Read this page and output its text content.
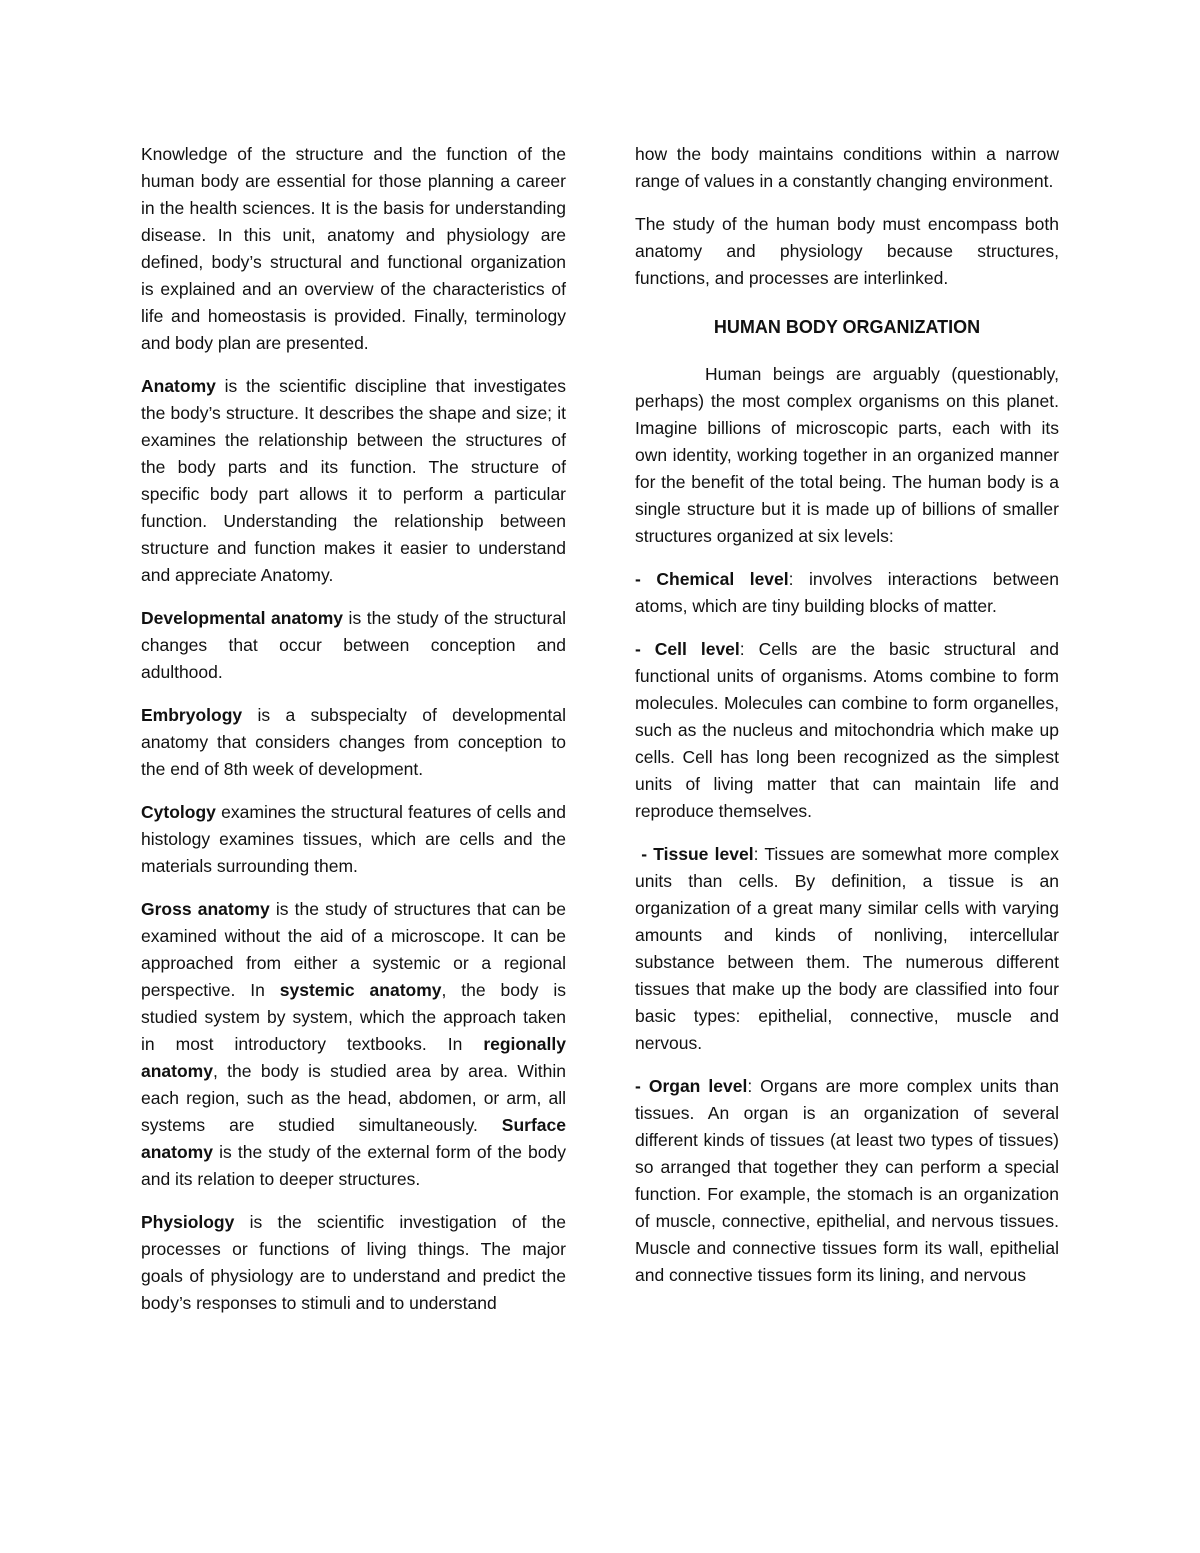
Knowledge of the structure and the function of the human body are essential for those planning a career in the health sciences. It is the basis for understanding disease. In this unit, anatomy and physiology are defined, body’s structural and functional organization is explained and an overview of the characteristics of life and homeostasis is provided. Finally, terminology and body plan are presented.

Anatomy is the scientific discipline that investigates the body’s structure. It describes the shape and size; it examines the relationship between the structures of the body parts and its function. The structure of specific body part allows it to perform a particular function. Understanding the relationship between structure and function makes it easier to understand and appreciate Anatomy.

Developmental anatomy is the study of the structural changes that occur between conception and adulthood.

Embryology is a subspecialty of developmental anatomy that considers changes from conception to the end of 8th week of development.

Cytology examines the structural features of cells and histology examines tissues, which are cells and the materials surrounding them.

Gross anatomy is the study of structures that can be examined without the aid of a microscope. It can be approached from either a systemic or a regional perspective. In systemic anatomy, the body is studied system by system, which the approach taken in most introductory textbooks. In regionally anatomy, the body is studied area by area. Within each region, such as the head, abdomen, or arm, all systems are studied simultaneously. Surface anatomy is the study of the external form of the body and its relation to deeper structures.

Physiology is the scientific investigation of the processes or functions of living things. The major goals of physiology are to understand and predict the body’s responses to stimuli and to understand

how the body maintains conditions within a narrow range of values in a constantly changing environment.

The study of the human body must encompass both anatomy and physiology because structures, functions, and processes are interlinked.

HUMAN BODY ORGANIZATION

Human beings are arguably (questionably, perhaps) the most complex organisms on this planet. Imagine billions of microscopic parts, each with its own identity, working together in an organized manner for the benefit of the total being. The human body is a single structure but it is made up of billions of smaller structures organized at six levels:

- Chemical level: involves interactions between atoms, which are tiny building blocks of matter.

- Cell level: Cells are the basic structural and functional units of organisms. Atoms combine to form molecules. Molecules can combine to form organelles, such as the nucleus and mitochondria which make up cells. Cell has long been recognized as the simplest units of living matter that can maintain life and reproduce themselves.

- Tissue level: Tissues are somewhat more complex units than cells. By definition, a tissue is an organization of a great many similar cells with varying amounts and kinds of nonliving, intercellular substance between them. The numerous different tissues that make up the body are classified into four basic types: epithelial, connective, muscle and nervous.

- Organ level: Organs are more complex units than tissues. An organ is an organization of several different kinds of tissues (at least two types of tissues) so arranged that together they can perform a special function. For example, the stomach is an organization of muscle, connective, epithelial, and nervous tissues. Muscle and connective tissues form its wall, epithelial and connective tissues form its lining, and nervous
